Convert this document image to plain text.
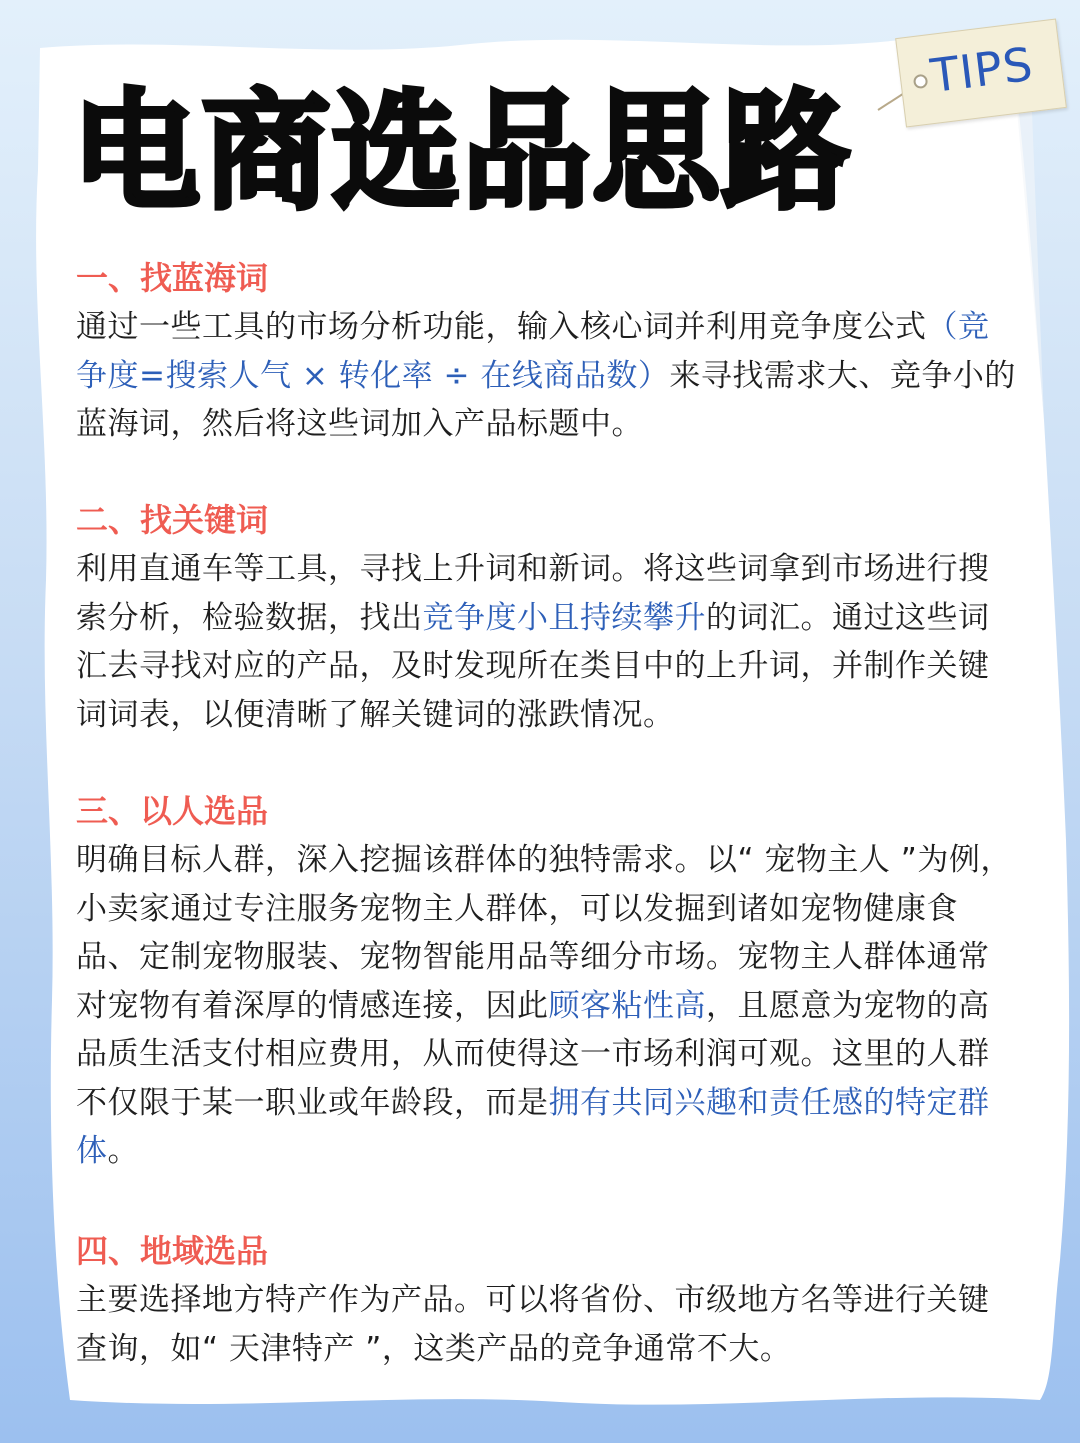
电商选品思路
TIPS

一、找蓝海词

通过一些工具的市场分析功能，输入核心词并利用竞争度公式（竞争度=搜索人气 × 转化率 ÷ 在线商品数）来寻找需求大、竞争小的蓝海词，然后将这些词加入产品标题中。

二、找关键词

利用直通车等工具，寻找上升词和新词。将这些词拿到市场进行搜索分析，检验数据，找出竞争度小且持续攀升的词汇。通过这些词汇去寻找对应的产品，及时发现所在类目中的上升词，并制作关键词词表，以便清晰了解关键词的涨跌情况。

三、以人选品

明确目标人群，深入挖掘该群体的独特需求。以“ 宠物主人 ”为例，小卖家通过专注服务宠物主人群体，可以发掘到诸如宠物健康食品、定制宠物服装、宠物智能用品等细分市场。宠物主人群体通常对宠物有着深厚的情感连接，因此顾客粘性高，且愿意为宠物的高品质生活支付相应费用，从而使得这一市场利润可观。这里的人群不仅限于某一职业或年龄段，而是拥有共同兴趣和责任感的特定群体。

四、地域选品

主要选择地方特产作为产品。可以将省份、市级地方名等进行关键查询，如“ 天津特产 ”，这类产品的竞争通常不大。
